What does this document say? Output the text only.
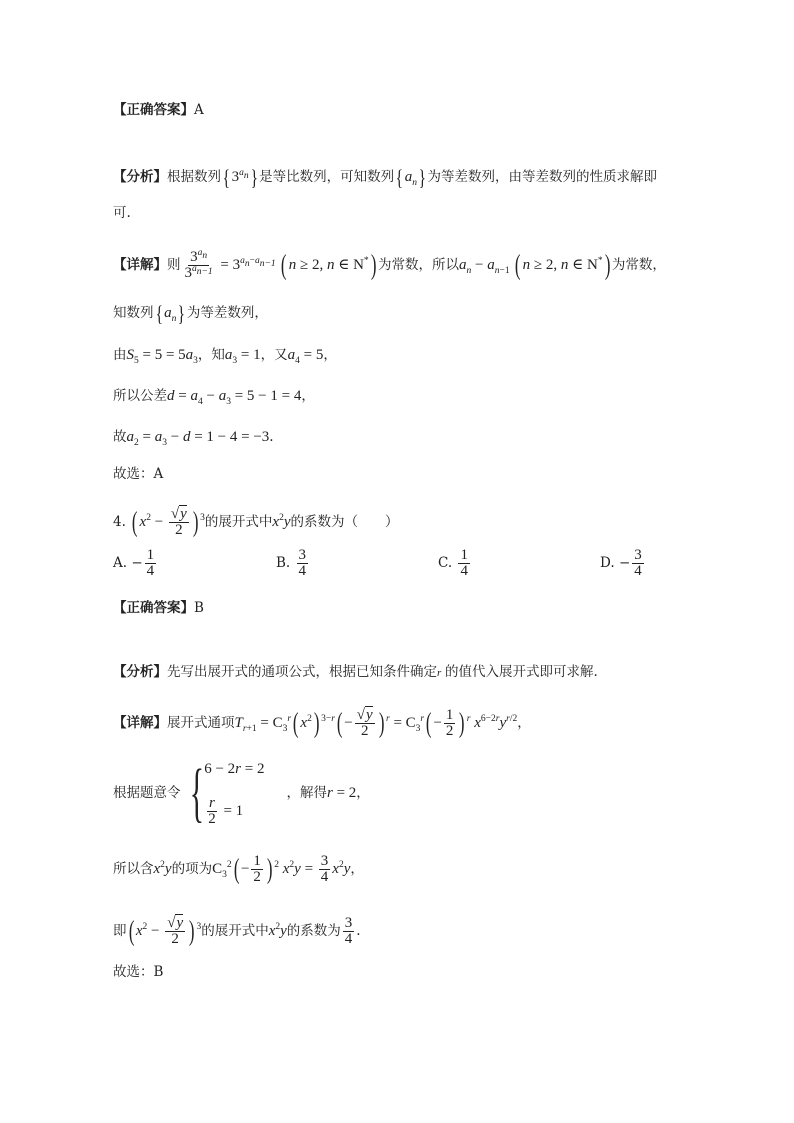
【正确答案】A
【分析】根据数列{ $3^{a_n}$} 是等比数列，可知数列{ $a_n$} 为等差数列，由等差数列的性质求解即
可.
【详解】则 $\frac{3^{a_n}}{3^{a_{n-1}}} = 3^{a_n-a_{n-1}}$ ( n ≥ 2, n ∈ N*) 为常数，所以$a_n - a_{n-1}$ ( n ≥ 2, n ∈ N*) 为常数，
知数列{ $a_n$} 为等差数列，
由$S_5 = 5 = 5a_3$，知$a_3 = 1$，又$a_4 = 5$，
所以公差$d = a_4 - a_3 = 5 - 1 = 4$，
故$a_2 = a_3 - d = 1 - 4 = -3$.
故选：A
4. ( $x^2 - \frac{√y}{2}$ ) $^3$的展开式中$x^2y$的系数为（　　）
A. − $\frac{1}{4}$	B. $\frac{3}{4}$	C. $\frac{1}{4}$	D. − $\frac{3}{4}$
【正确答案】B
【分析】先写出展开式的通项公式，根据已知条件确定r 的值代入展开式即可求解.
【详解】展开式通项$T_{r+1} = C_3^r$( $x^2$) $^{3-r}( - \frac{√y}{2}$ ) $^r = C_3^r( - \frac{1}{2}$ ) $^r$ $x^{6-2r}y^{r/2}$，
根据题意令 { 6 − 2r = 2
$\frac{r}{2} = 1$
，解得 r = 2 ，
所以含$x^2y$的项为$C_3^2( - \frac{1}{2}$ ) $^2$ $x^2y = \frac{3}{4} x^2y$，
即( $x^2 - \frac{√y}{2}$ ) $^3$的展开式中$x^2y$的系数为 $\frac{3}{4}$ .
故选：B
